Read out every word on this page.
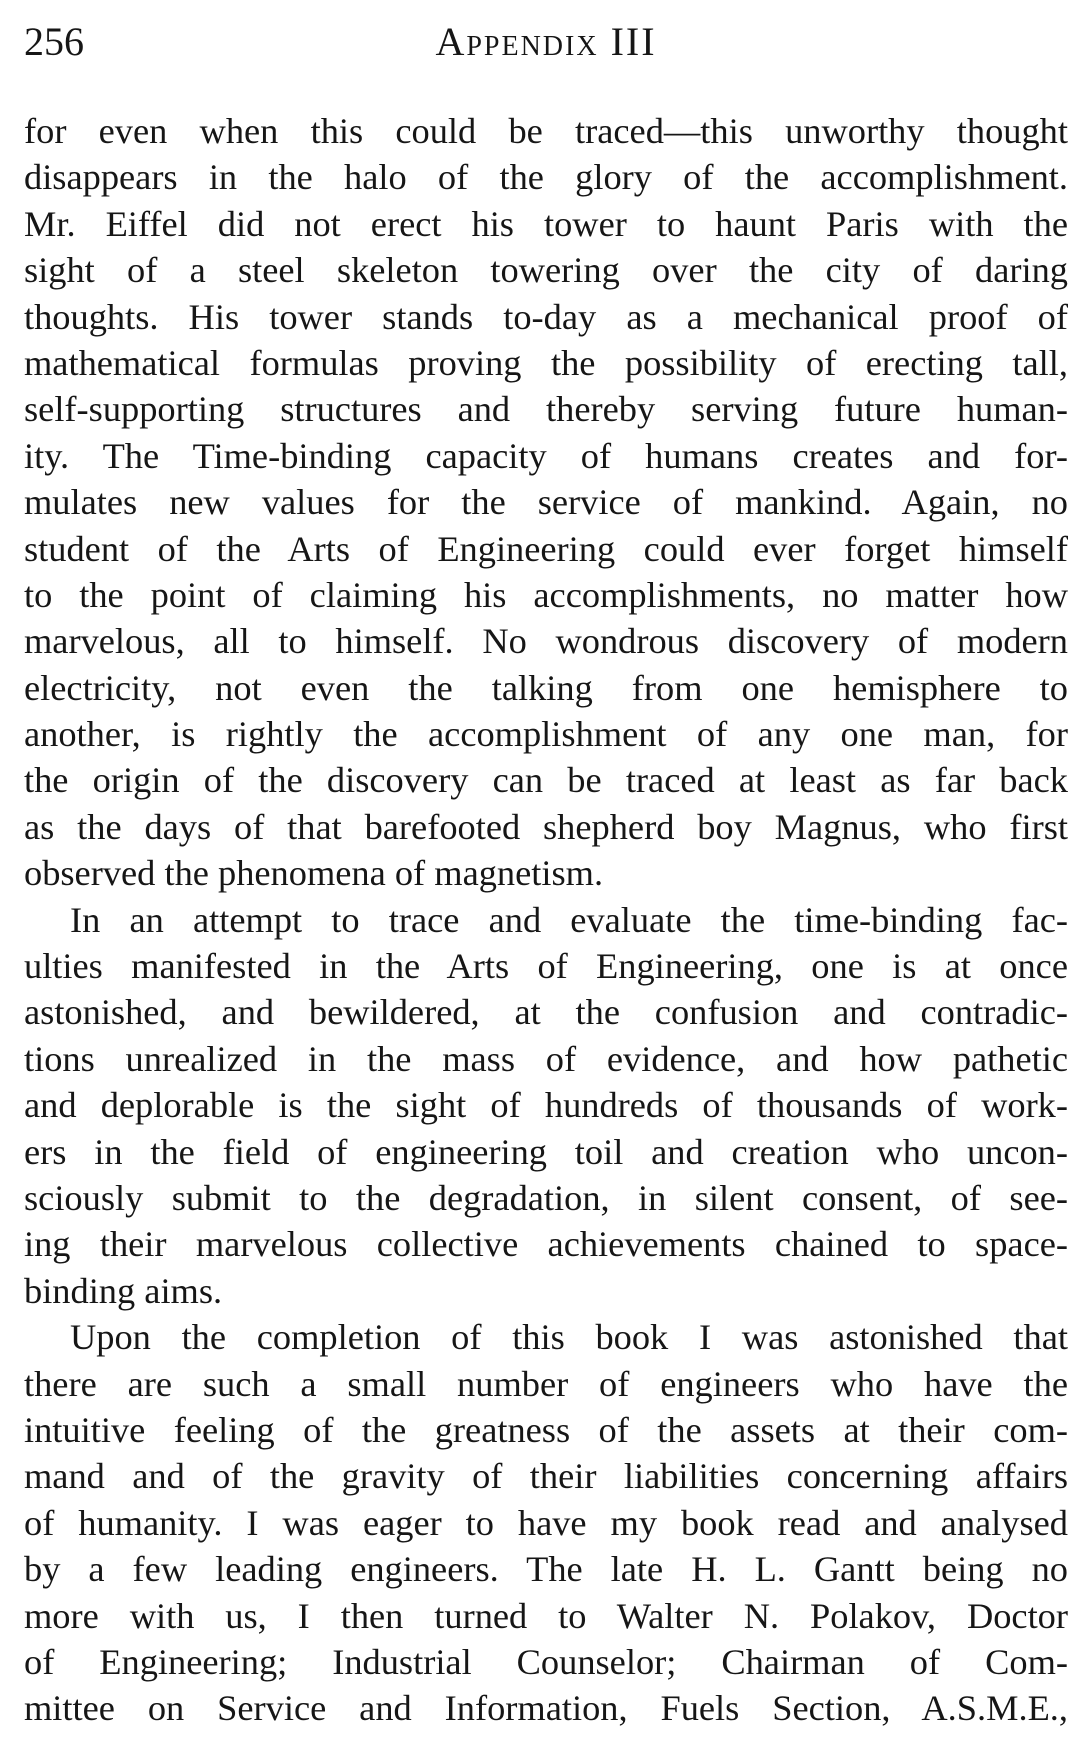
256	Appendix III
for even when this could be traced—this unworthy thought
disappears in the halo of the glory of the accomplishment.
Mr. Eiffel did not erect his tower to haunt Paris with the
sight of a steel skeleton towering over the city of daring
thoughts. His tower stands to-day as a mechanical proof of
mathematical formulas proving the possibility of erecting tall,
self-supporting structures and thereby serving future human-
ity. The Time-binding capacity of humans creates and for-
mulates new values for the service of mankind. Again, no
student of the Arts of Engineering could ever forget himself
to the point of claiming his accomplishments, no matter how
marvelous, all to himself. No wondrous discovery of modern
electricity, not even the talking from one hemisphere to
another, is rightly the accomplishment of any one man, for
the origin of the discovery can be traced at least as far back
as the days of that barefooted shepherd boy Magnus, who first
observed the phenomena of magnetism.
In an attempt to trace and evaluate the time-binding fac-
ulties manifested in the Arts of Engineering, one is at once
astonished, and bewildered, at the confusion and contradic-
tions unrealized in the mass of evidence, and how pathetic
and deplorable is the sight of hundreds of thousands of work-
ers in the field of engineering toil and creation who uncon-
sciously submit to the degradation, in silent consent, of see-
ing their marvelous collective achievements chained to space-
binding aims.
Upon the completion of this book I was astonished that
there are such a small number of engineers who have the
intuitive feeling of the greatness of the assets at their com-
mand and of the gravity of their liabilities concerning affairs
of humanity. I was eager to have my book read and analysed
by a few leading engineers. The late H. L. Gantt being no
more with us, I then turned to Walter N. Polakov, Doctor
of Engineering; Industrial Counselor; Chairman of Com-
mittee on Service and Information, Fuels Section, A.S.M.E.,
